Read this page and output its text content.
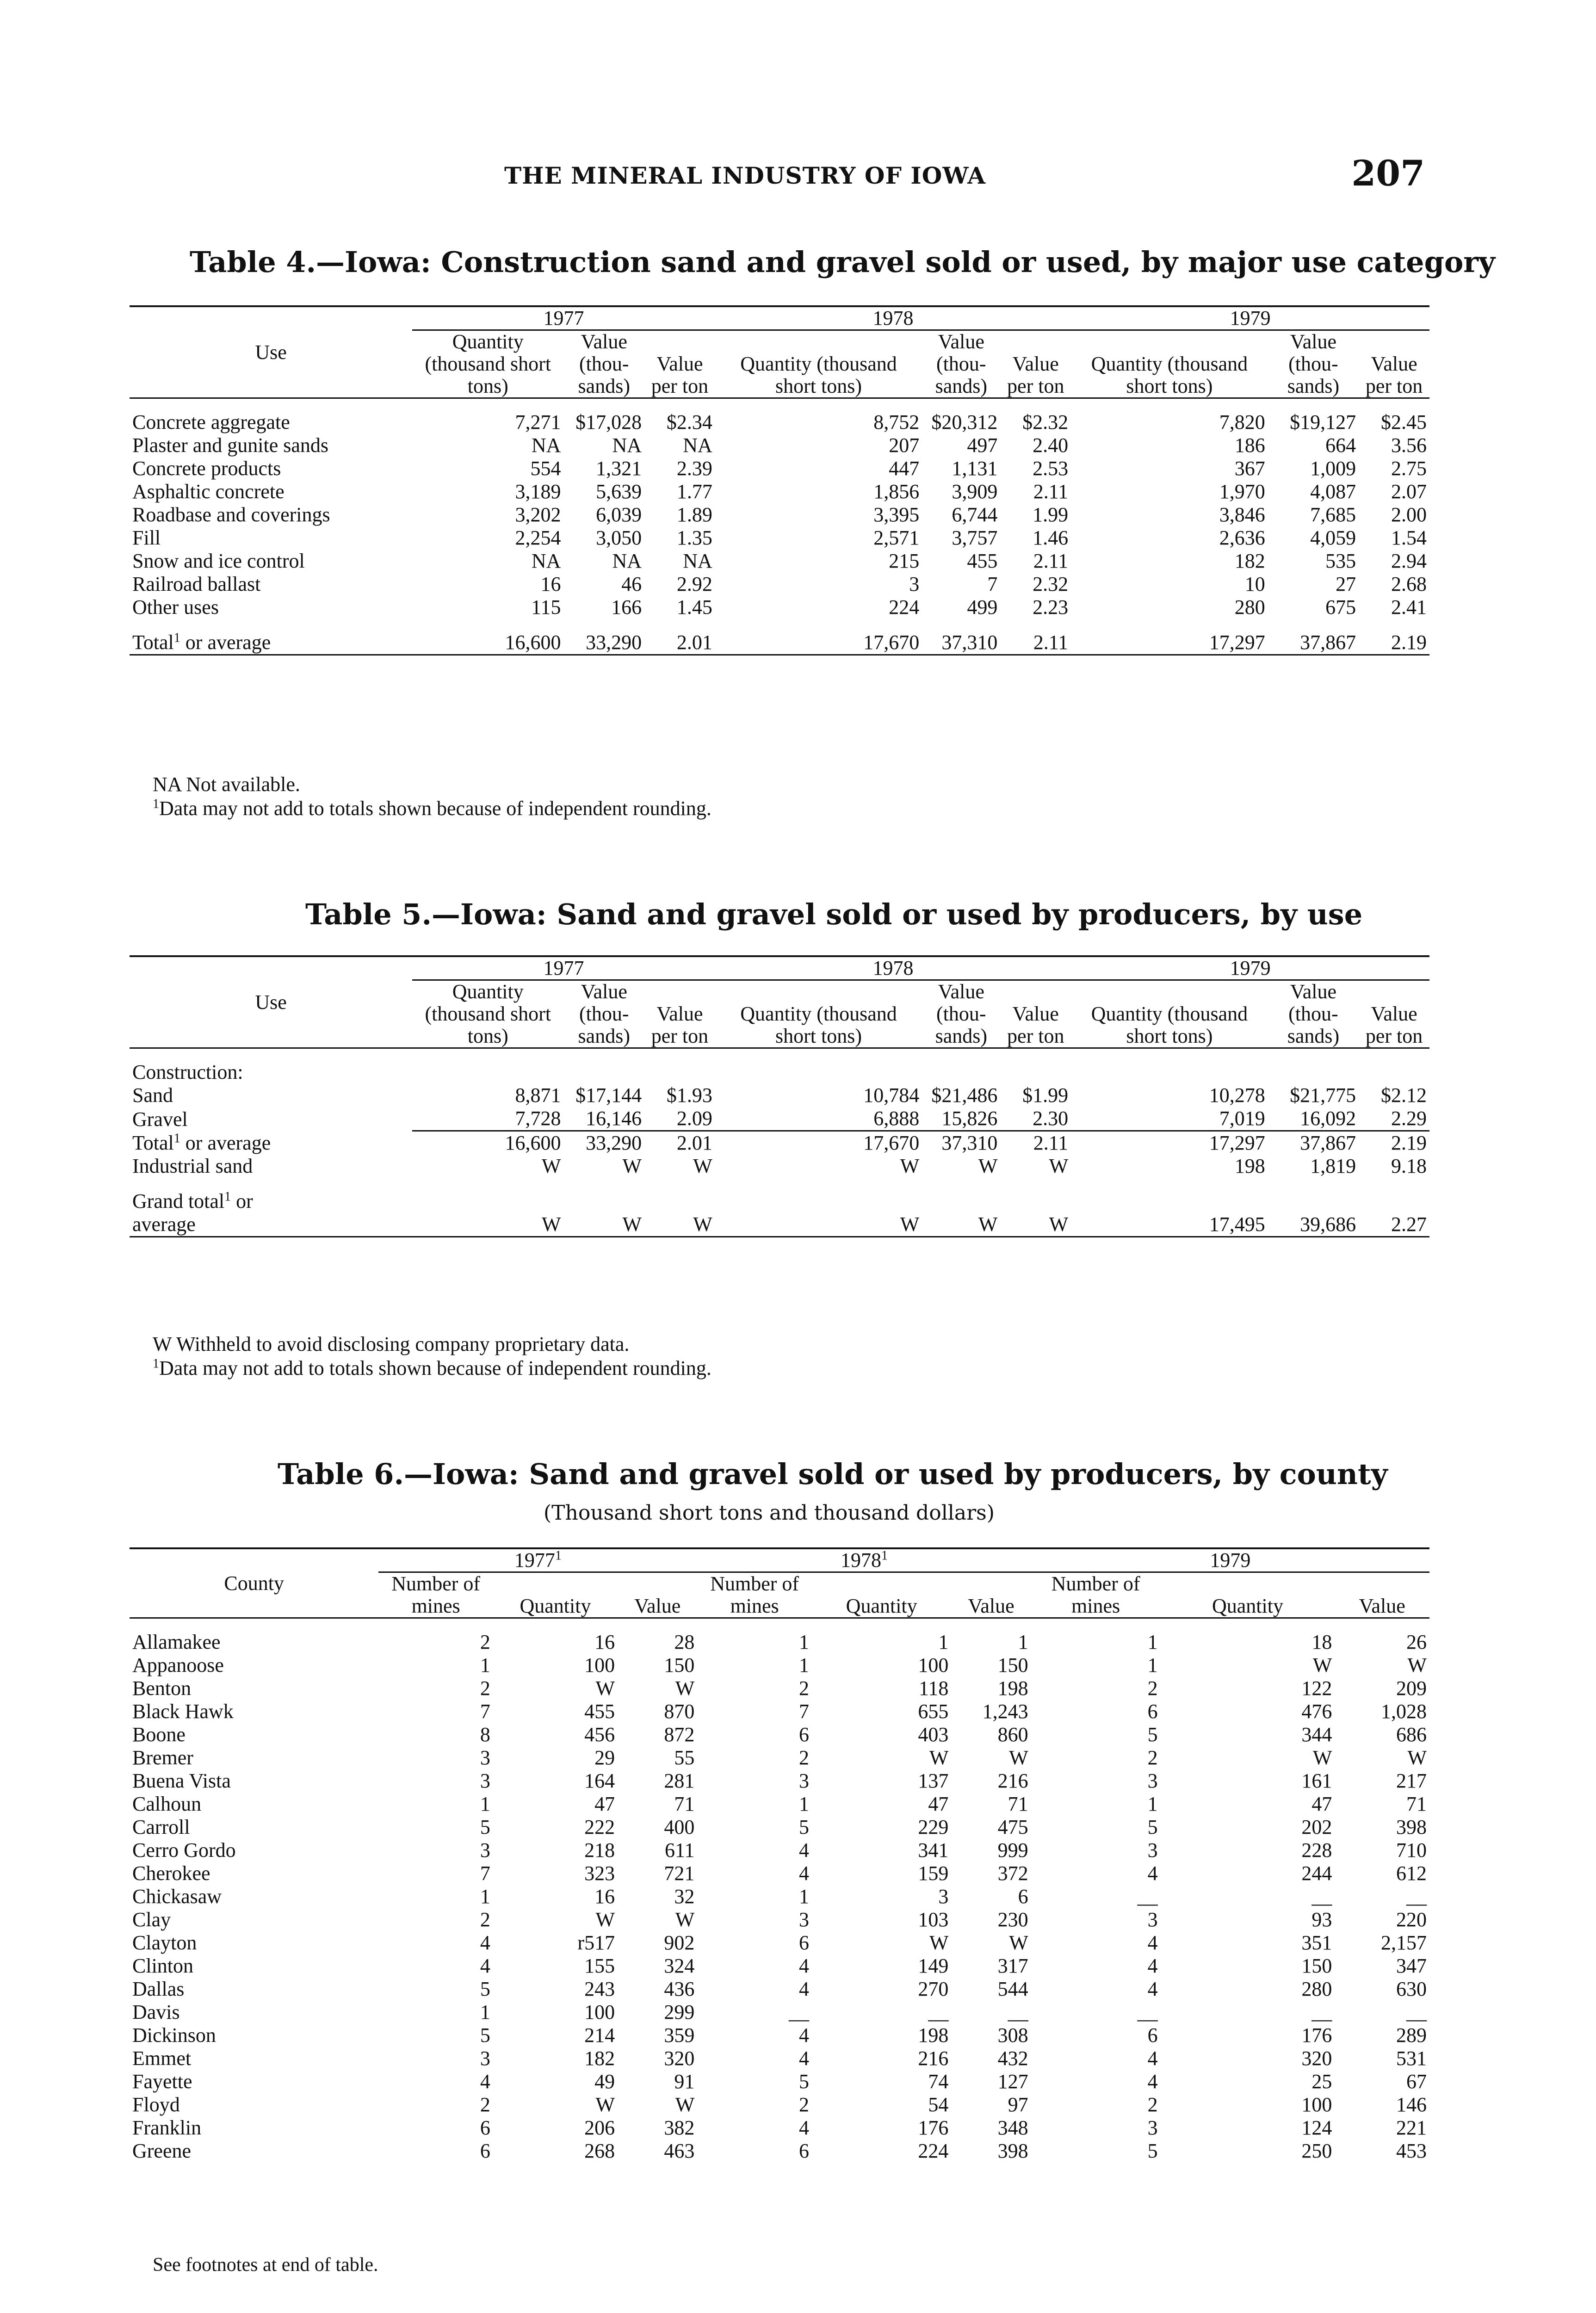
THE MINERAL INDUSTRY OF IOWA	207
Table 4.—Iowa: Construction sand and gravel sold or used, by major use category
Use	1977			1978			1979		
	Quantity (thousand short tons)	Value (thou- sands)	Value per ton	Quantity (thousand short tons)	Value (thou- sands)	Value per ton	Quantity (thousand short tons)	Value (thou- sands)	Value per ton

Concrete aggregate	7,271	$17,028	$2.34	8,752	$20,312	$2.32	7,820	$19,127	$2.45
Plaster and gunite sands	NA	NA	NA	207	497	2.40	186	664	3.56
Concrete products	554	1,321	2.39	447	1,131	2.53	367	1,009	2.75
Asphaltic concrete	3,189	5,639	1.77	1,856	3,909	2.11	1,970	4,087	2.07
Roadbase and coverings	3,202	6,039	1.89	3,395	6,744	1.99	3,846	7,685	2.00
Fill	2,254	3,050	1.35	2,571	3,757	1.46	2,636	4,059	1.54
Snow and ice control	NA	NA	NA	215	455	2.11	182	535	2.94
Railroad ballast	16	46	2.92	3	7	2.32	10	27	2.68
Other uses	115	166	1.45	224	499	2.23	280	675	2.41

Total$^1$ or average	16,600	33,290	2.01	17,670	37,310	2.11	17,297	37,867	2.19
NA Not available.
$^1$Data may not add to totals shown because of independent rounding.
Table 5.—Iowa: Sand and gravel sold or used by producers, by use
Use	1977			1978			1979		
	Quantity (thousand short tons)	Value (thou- sands)	Value per ton	Quantity (thousand short tons)	Value (thou- sands)	Value per ton	Quantity (thousand short tons)	Value (thou- sands)	Value per ton

Construction:									
Sand	8,871	$17,144	$1.93	10,784	$21,486	$1.99	10,278	$21,775	$2.12
Gravel	7,728	16,146	2.09	6,888	15,826	2.30	7,019	16,092	2.29
Total$^1$ or average	16,600	33,290	2.01	17,670	37,310	2.11	17,297	37,867	2.19
Industrial sand	W	W	W	W	W	W	198	1,819	9.18

Grand total$^1$ or									
average	W	W	W	W	W	W	17,495	39,686	2.27
W Withheld to avoid disclosing company proprietary data.
$^1$Data may not add to totals shown because of independent rounding.
Table 6.—Iowa: Sand and gravel sold or used by producers, by county
(Thousand short tons and thousand dollars)
County	1977$^1$			1978$^1$			1979		
	Number of mines	Quantity	Value	Number of mines	Quantity	Value	Number of mines	Quantity	Value

Allamakee	2	16	28	1	1	1	1	18	26
Appanoose	1	100	150	1	100	150	1	W	W
Benton	2	W	W	2	118	198	2	122	209
Black Hawk	7	455	870	7	655	1,243	6	476	1,028
Boone	8	456	872	6	403	860	5	344	686
Bremer	3	29	55	2	W	W	2	W	W
Buena Vista	3	164	281	3	137	216	3	161	217
Calhoun	1	47	71	1	47	71	1	47	71
Carroll	5	222	400	5	229	475	5	202	398
Cerro Gordo	3	218	611	4	341	999	3	228	710
Cherokee	7	323	721	4	159	372	4	244	612
Chickasaw	1	16	32	1	3	6	__	__	__
Clay	2	W	W	3	103	230	3	93	220
Clayton	4	r517	902	6	W	W	4	351	2,157
Clinton	4	155	324	4	149	317	4	150	347
Dallas	5	243	436	4	270	544	4	280	630
Davis	1	100	299	__	__	__	__	__	__
Dickinson	5	214	359	4	198	308	6	176	289
Emmet	3	182	320	4	216	432	4	320	531
Fayette	4	49	91	5	74	127	4	25	67
Floyd	2	W	W	2	54	97	2	100	146
Franklin	6	206	382	4	176	348	3	124	221
Greene	6	268	463	6	224	398	5	250	453
See footnotes at end of table.
